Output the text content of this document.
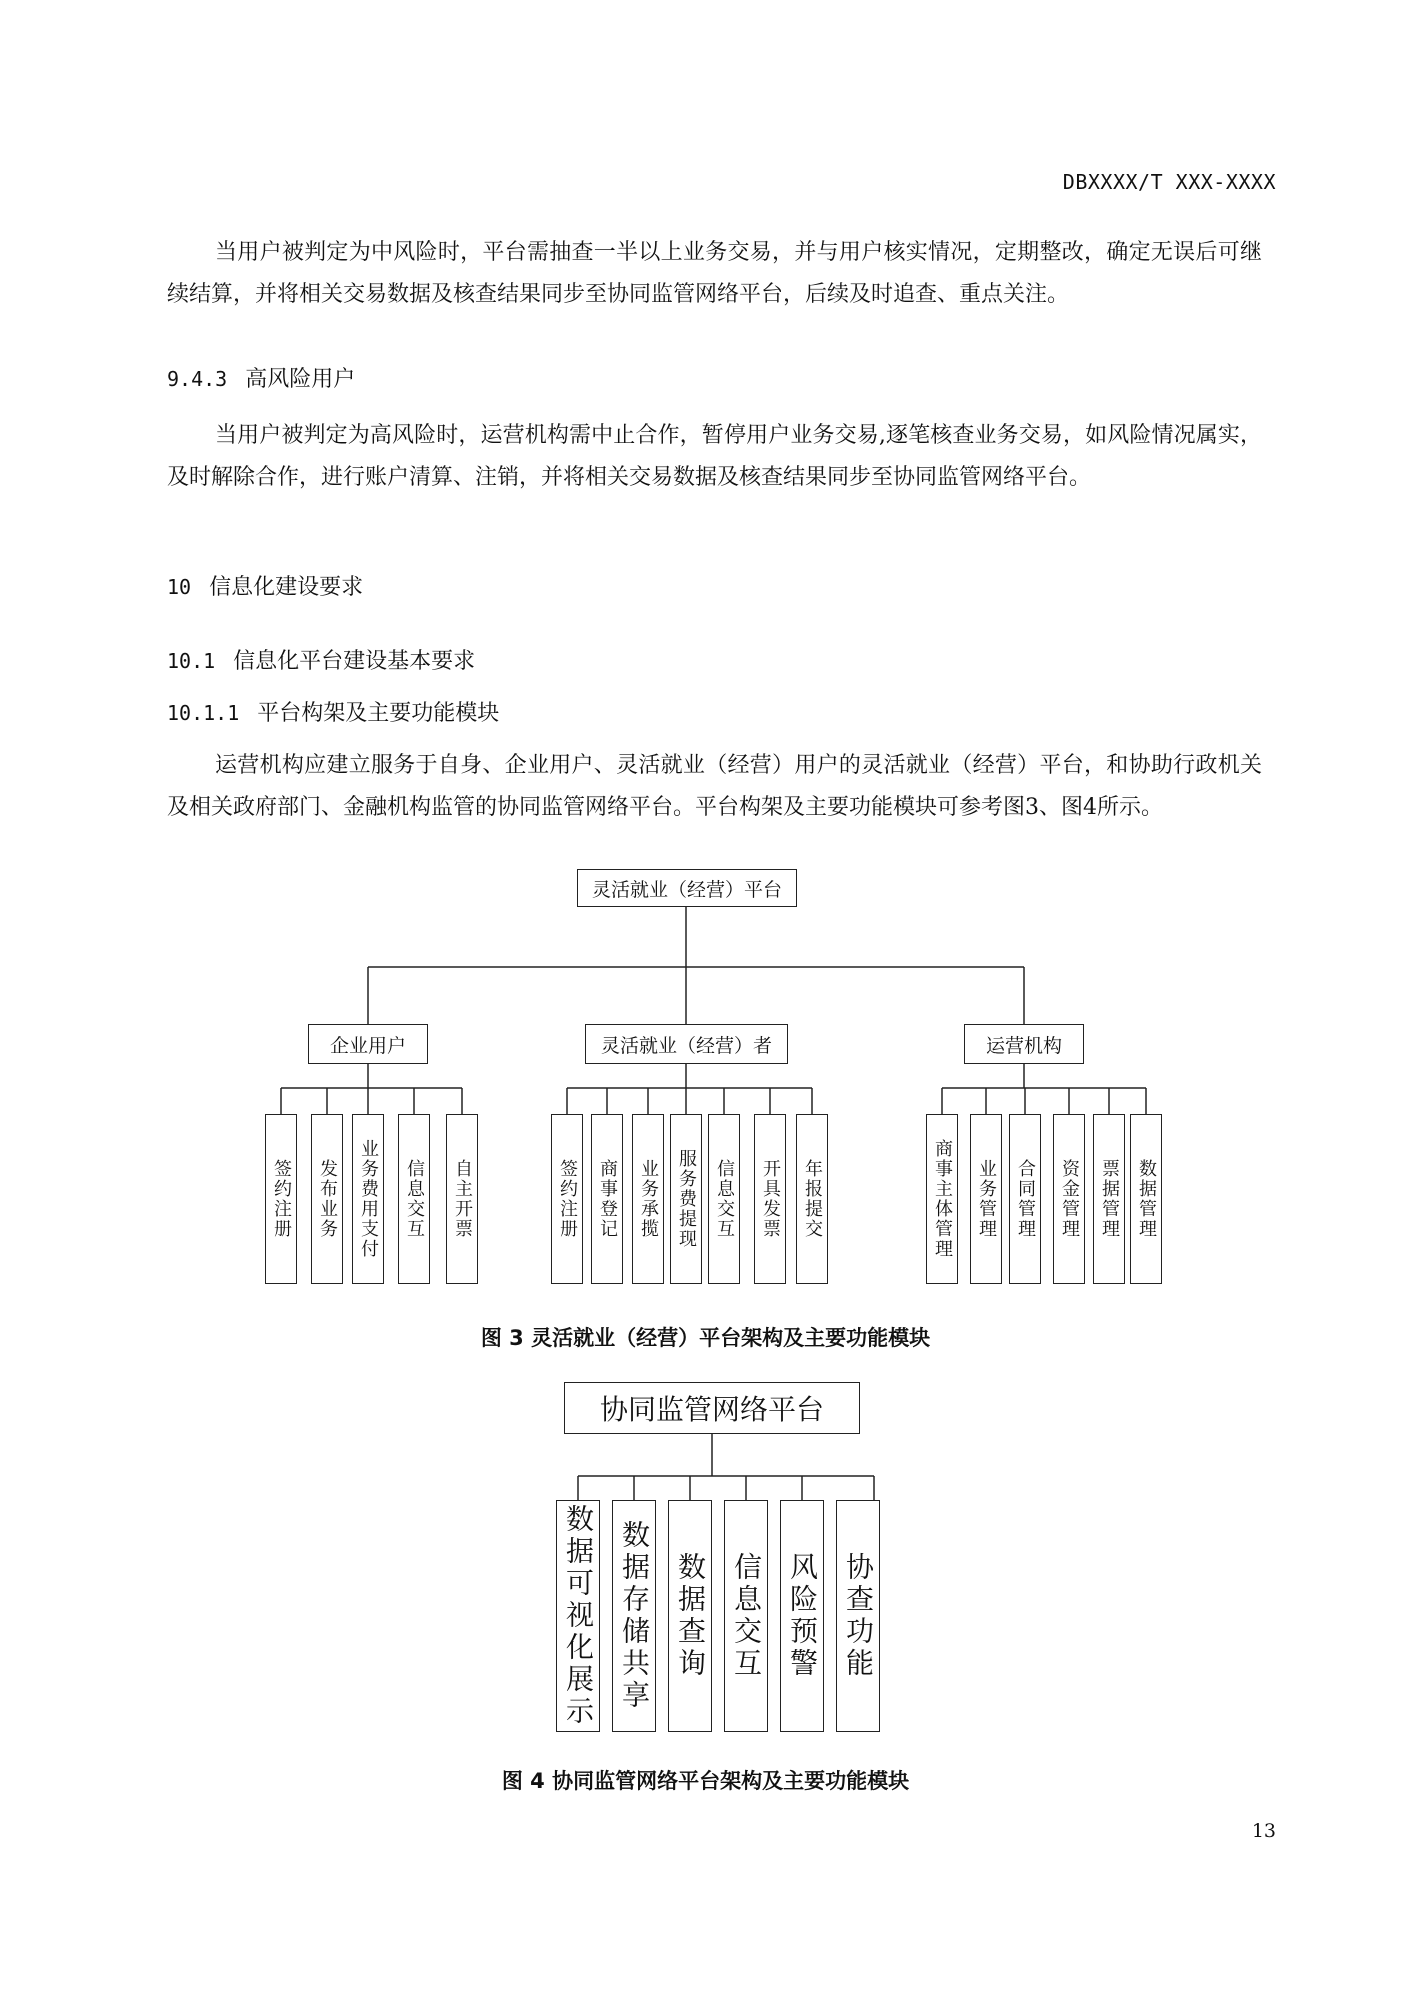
DBXXXX/T XXX-XXXX
当用户被判定为中风险时，平台需抽查一半以上业务交易，并与用户核实情况，定期整改，确定无误后可继续结算，并将相关交易数据及核查结果同步至协同监管网络平台，后续及时追查、重点关注。
9.4.3 高风险用户
当用户被判定为高风险时，运营机构需中止合作，暂停用户业务交易,逐笔核查业务交易，如风险情况属实，及时解除合作，进行账户清算、注销，并将相关交易数据及核查结果同步至协同监管网络平台。
10 信息化建设要求
10.1 信息化平台建设基本要求
10.1.1 平台构架及主要功能模块
运营机构应建立服务于自身、企业用户、灵活就业（经营）用户的灵活就业（经营）平台，和协助行政机关及相关政府部门、金融机构监管的协同监管网络平台。平台构架及主要功能模块可参考图3、图4所示。
灵活就业（经营）平台
企业用户	灵活就业（经营）者	运营机构
签约注册	发布业务	业务费用支付	信息交互	自主开票	签约注册	商事登记	业务承揽 服务费提现 信息交互	开具发票	年报提交	商事主体管理	业务管理	合同管理	资金管理	票据管理 数据管理
图 3 灵活就业（经营）平台架构及主要功能模块
协同监管网络平台
数据可视化展示 数据存储共享 数据查询 信息交互 风险预警 协查功能
图 4 协同监管网络平台架构及主要功能模块
13
